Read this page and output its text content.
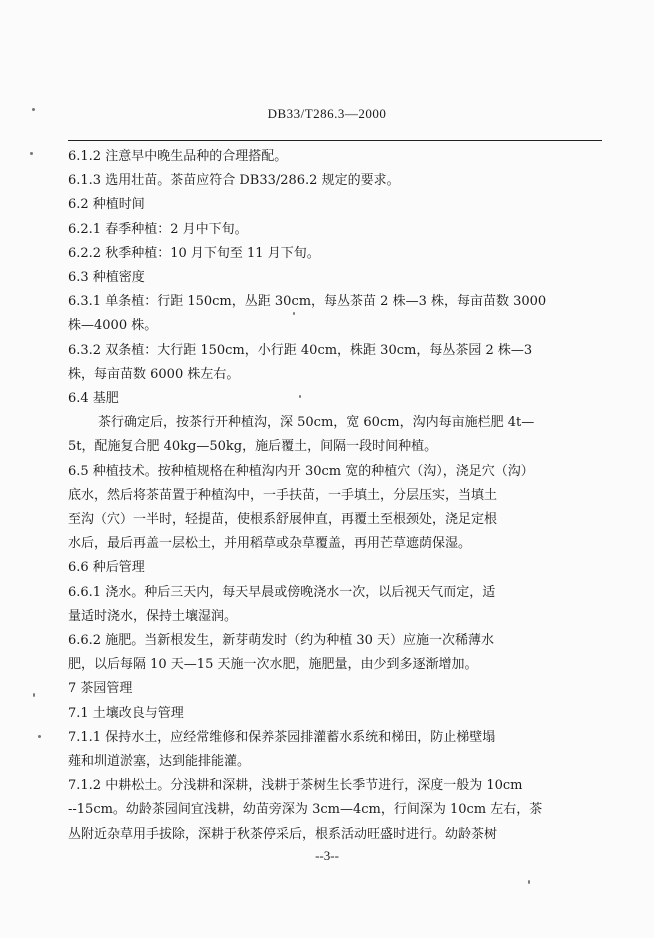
DB33/T286.3—2000

6.1.2 注意早中晚生品种的合理搭配。

6.1.3 选用壮苗。茶苗应符合 DB33/286.2 规定的要求。

6.2 种植时间

6.2.1 春季种植：2 月中下旬。

6.2.2 秋季种植：10 月下旬至 11 月下旬。

6.3 种植密度

6.3.1 单条植：行距 150cm，丛距 30cm，每丛茶苗 2 株—3 株，每亩苗数 3000

株—4000 株。

6.3.2 双条植：大行距 150cm，小行距 40cm，株距 30cm，每丛茶园 2 株—3

株，每亩苗数 6000 株左右。

6.4 基肥

茶行确定后，按茶行开种植沟，深 50cm，宽 60cm，沟内每亩施栏肥 4t—

5t，配施复合肥 40kg—50kg，施后覆土，间隔一段时间种植。

6.5 种植技术。按种植规格在种植沟内开 30cm 宽的种植穴（沟），浇足穴（沟）

底水，然后将茶苗置于种植沟中，一手扶苗，一手填土，分层压实，当填土

至沟（穴）一半时，轻提苗，使根系舒展伸直，再覆土至根颈处，浇足定根

水后，最后再盖一层松土，并用稻草或杂草覆盖，再用芒草遮荫保湿。

6.6 种后管理

6.6.1 浇水。种后三天内，每天早晨或傍晚浇水一次，以后视天气而定，适

量适时浇水，保持土壤湿润。

6.6.2 施肥。当新根发生，新芽萌发时（约为种植 30 天）应施一次稀薄水

肥，以后每隔 10 天—15 天施一次水肥，施肥量，由少到多逐渐增加。

7 茶园管理

7.1 土壤改良与管理

7.1.1 保持水土，应经常维修和保养茶园排灌蓄水系统和梯田，防止梯壁塌

薤和圳道淤塞，达到能排能灌。

7.1.2 中耕松土。分浅耕和深耕，浅耕于茶树生长季节进行，深度一般为 10cm

--15cm。幼龄茶园间宜浅耕，幼苗旁深为 3cm—4cm，行间深为 10cm 左右，茶

丛附近杂草用手拔除，深耕于秋茶停采后，根系活动旺盛时进行。幼龄茶树

--3--
